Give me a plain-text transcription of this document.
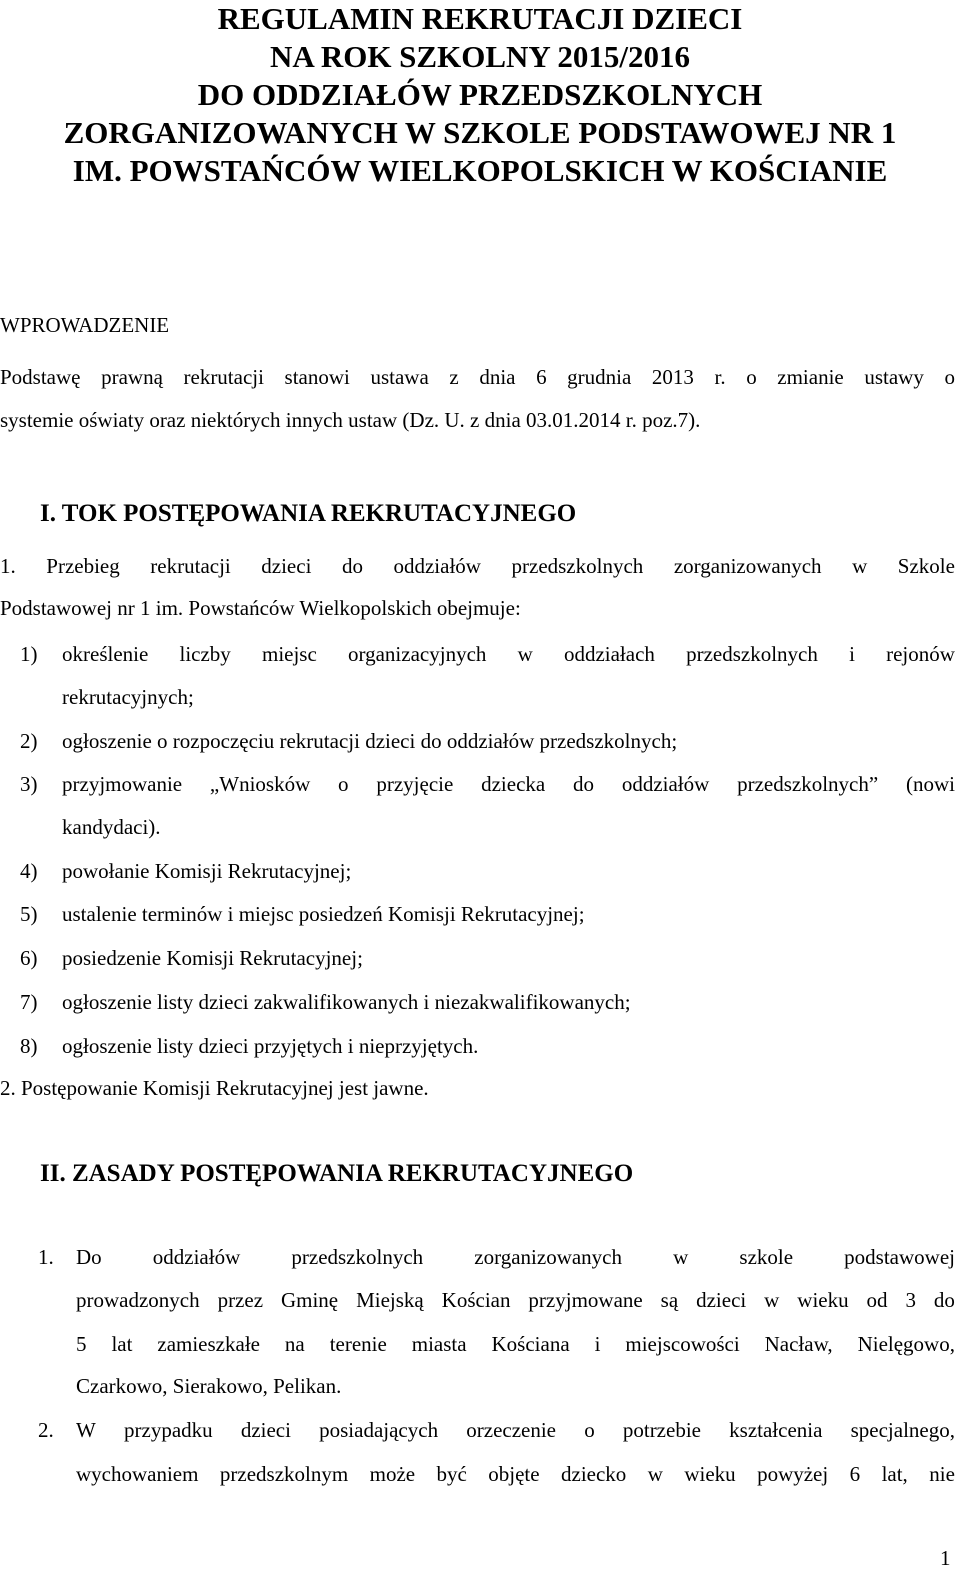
REGULAMIN REKRUTACJI DZIECI
NA ROK SZKOLNY 2015/2016
DO ODDZIAŁÓW PRZEDSZKOLNYCH
ZORGANIZOWANYCH W SZKOLE PODSTAWOWEJ NR 1
IM. POWSTAŃCÓW WIELKOPOLSKICH W KOŚCIANIE
WPROWADZENIE
Podstawę prawną rekrutacji stanowi ustawa z dnia 6 grudnia 2013 r. o zmianie ustawy o
systemie oświaty oraz niektórych innych ustaw (Dz. U. z dnia 03.01.2014 r. poz.7).
I. TOK POSTĘPOWANIA REKRUTACYJNEGO
1. Przebieg rekrutacji dzieci do oddziałów przedszkolnych zorganizowanych w Szkole
Podstawowej nr 1 im. Powstańców Wielkopolskich obejmuje:
1) określenie liczby miejsc organizacyjnych w oddziałach przedszkolnych i rejonów
rekrutacyjnych;
2) ogłoszenie o rozpoczęciu rekrutacji dzieci do oddziałów przedszkolnych;
3) przyjmowanie „Wniosków o przyjęcie dziecka do oddziałów przedszkolnych” (nowi
kandydaci).
4) powołanie Komisji Rekrutacyjnej;
5) ustalenie terminów i miejsc posiedzeń Komisji Rekrutacyjnej;
6) posiedzenie Komisji Rekrutacyjnej;
7) ogłoszenie listy dzieci zakwalifikowanych i niezakwalifikowanych;
8) ogłoszenie listy dzieci przyjętych i nieprzyjętych.
2. Postępowanie Komisji Rekrutacyjnej jest jawne.
II. ZASADY POSTĘPOWANIA REKRUTACYJNEGO
1. Do oddziałów przedszkolnych zorganizowanych w szkole podstawowej
prowadzonych przez Gminę Miejską Kościan przyjmowane są dzieci w wieku od 3 do
5 lat zamieszkałe na terenie miasta Kościana i miejscowości Nacław, Nielęgowo,
Czarkowo, Sierakowo, Pelikan.
2. W przypadku dzieci posiadających orzeczenie o potrzebie kształcenia specjalnego,
wychowaniem przedszkolnym może być objęte dziecko w wieku powyżej 6 lat, nie
1
